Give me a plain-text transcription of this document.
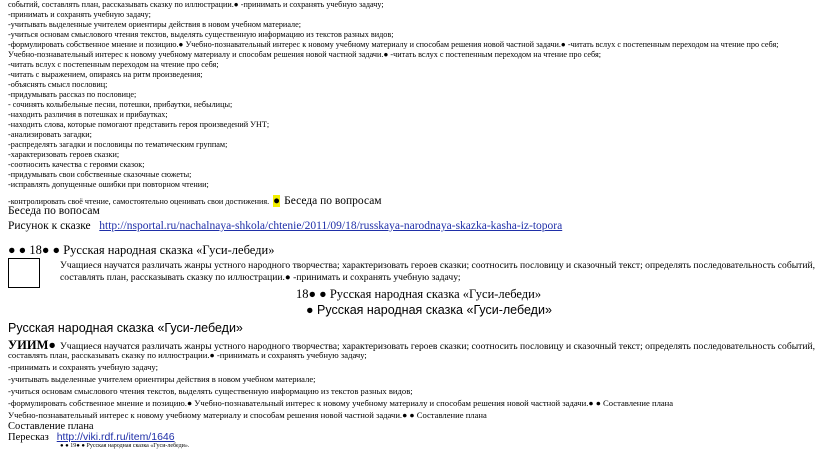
событий, составлять план, рассказывать сказку по иллюстрации.● -принимать и сохранять учебную задачу;
-принимать и сохранять учебную задачу;
-учитывать выделенные учителем ориентиры действия в новом учебном материале;
-учиться основам смыслового чтения текстов, выделять существенную информацию из текстов разных видов;
-формулировать собственное мнение и позицию.● Учебно-познавательный интерес к новому учебному материалу и способам решения новой частной задачи.● -читать вслух с постепенным переходом на чтение про себя;
Учебно-познавательный интерес к новому учебному материалу и способам решения новой частной задачи.● -читать вслух с постепенным переходом на чтение про себя;
-читать вслух с постепенным переходом на чтение про себя;
-читать с выражением, опираясь на ритм произведения;
-объяснять смысл пословиц;
-придумывать рассказ по пословице;
- сочинять колыбельные песни, потешки, прибаутки, небылицы;
-находить различия в потешках и прибаутках;
-находить слова, которые помогают представить героя произведений УНТ;
-анализировать загадки;
-распределять загадки и пословицы по тематическим группам;
-характеризовать героев сказки;
-соотносить качества с героями сказок;
-придумывать свои собственные сказочные сюжеты;
-исправлять допущенные ошибки при повторном чтении;
-контролировать своё чтение, самостоятельно оценивать свои достижения. ● Беседа по вопросам
Беседа по вопосам
Рисунок к сказке http://nsportal.ru/nachalnaya-shkola/chtenie/2011/09/18/russkaya-narodnaya-skazka-kasha-iz-topora
● ● 18● ● Русская народная сказка «Гуси-лебеди»
Учащиеся научатся различать жанры устного народного творчества; характеризовать героев сказки; соотносить пословицу и сказочный текст; определять последовательность событий,
составлять план, рассказывать сказку по иллюстрации.● -принимать и сохранять учебную задачу;
18● ● Русская народная сказка «Гуси-лебеди»
● Русская народная сказка «Гуси-лебеди»
Русская народная сказка «Гуси-лебеди»
УИИМ● Учащиеся научатся различать жанры устного народного творчества; характеризовать героев сказки; соотносить пословицу и сказочный текст; определять последовательность событий,
составлять план, рассказывать сказку по иллюстрации.● -принимать и сохранять учебную задачу;
-принимать и сохранять учебную задачу;
-учитывать выделенные учителем ориентиры действия в новом учебном материале;
-учиться основам смыслового чтения текстов, выделять существенную информацию из текстов разных видов;
-формулировать собственное мнение и позицию.● Учебно-познавательный интерес к новому учебному материалу и способам решения новой частной задачи.● ● Составление плана
Учебно-познавательный интерес к новому учебному материалу и способам решения новой частной задачи.● ● Составление плана
Составление плана
Пересказ http://viki.rdf.ru/item/1646
● ● 19● ● Русская народная сказка «Гуси-лебеди».
